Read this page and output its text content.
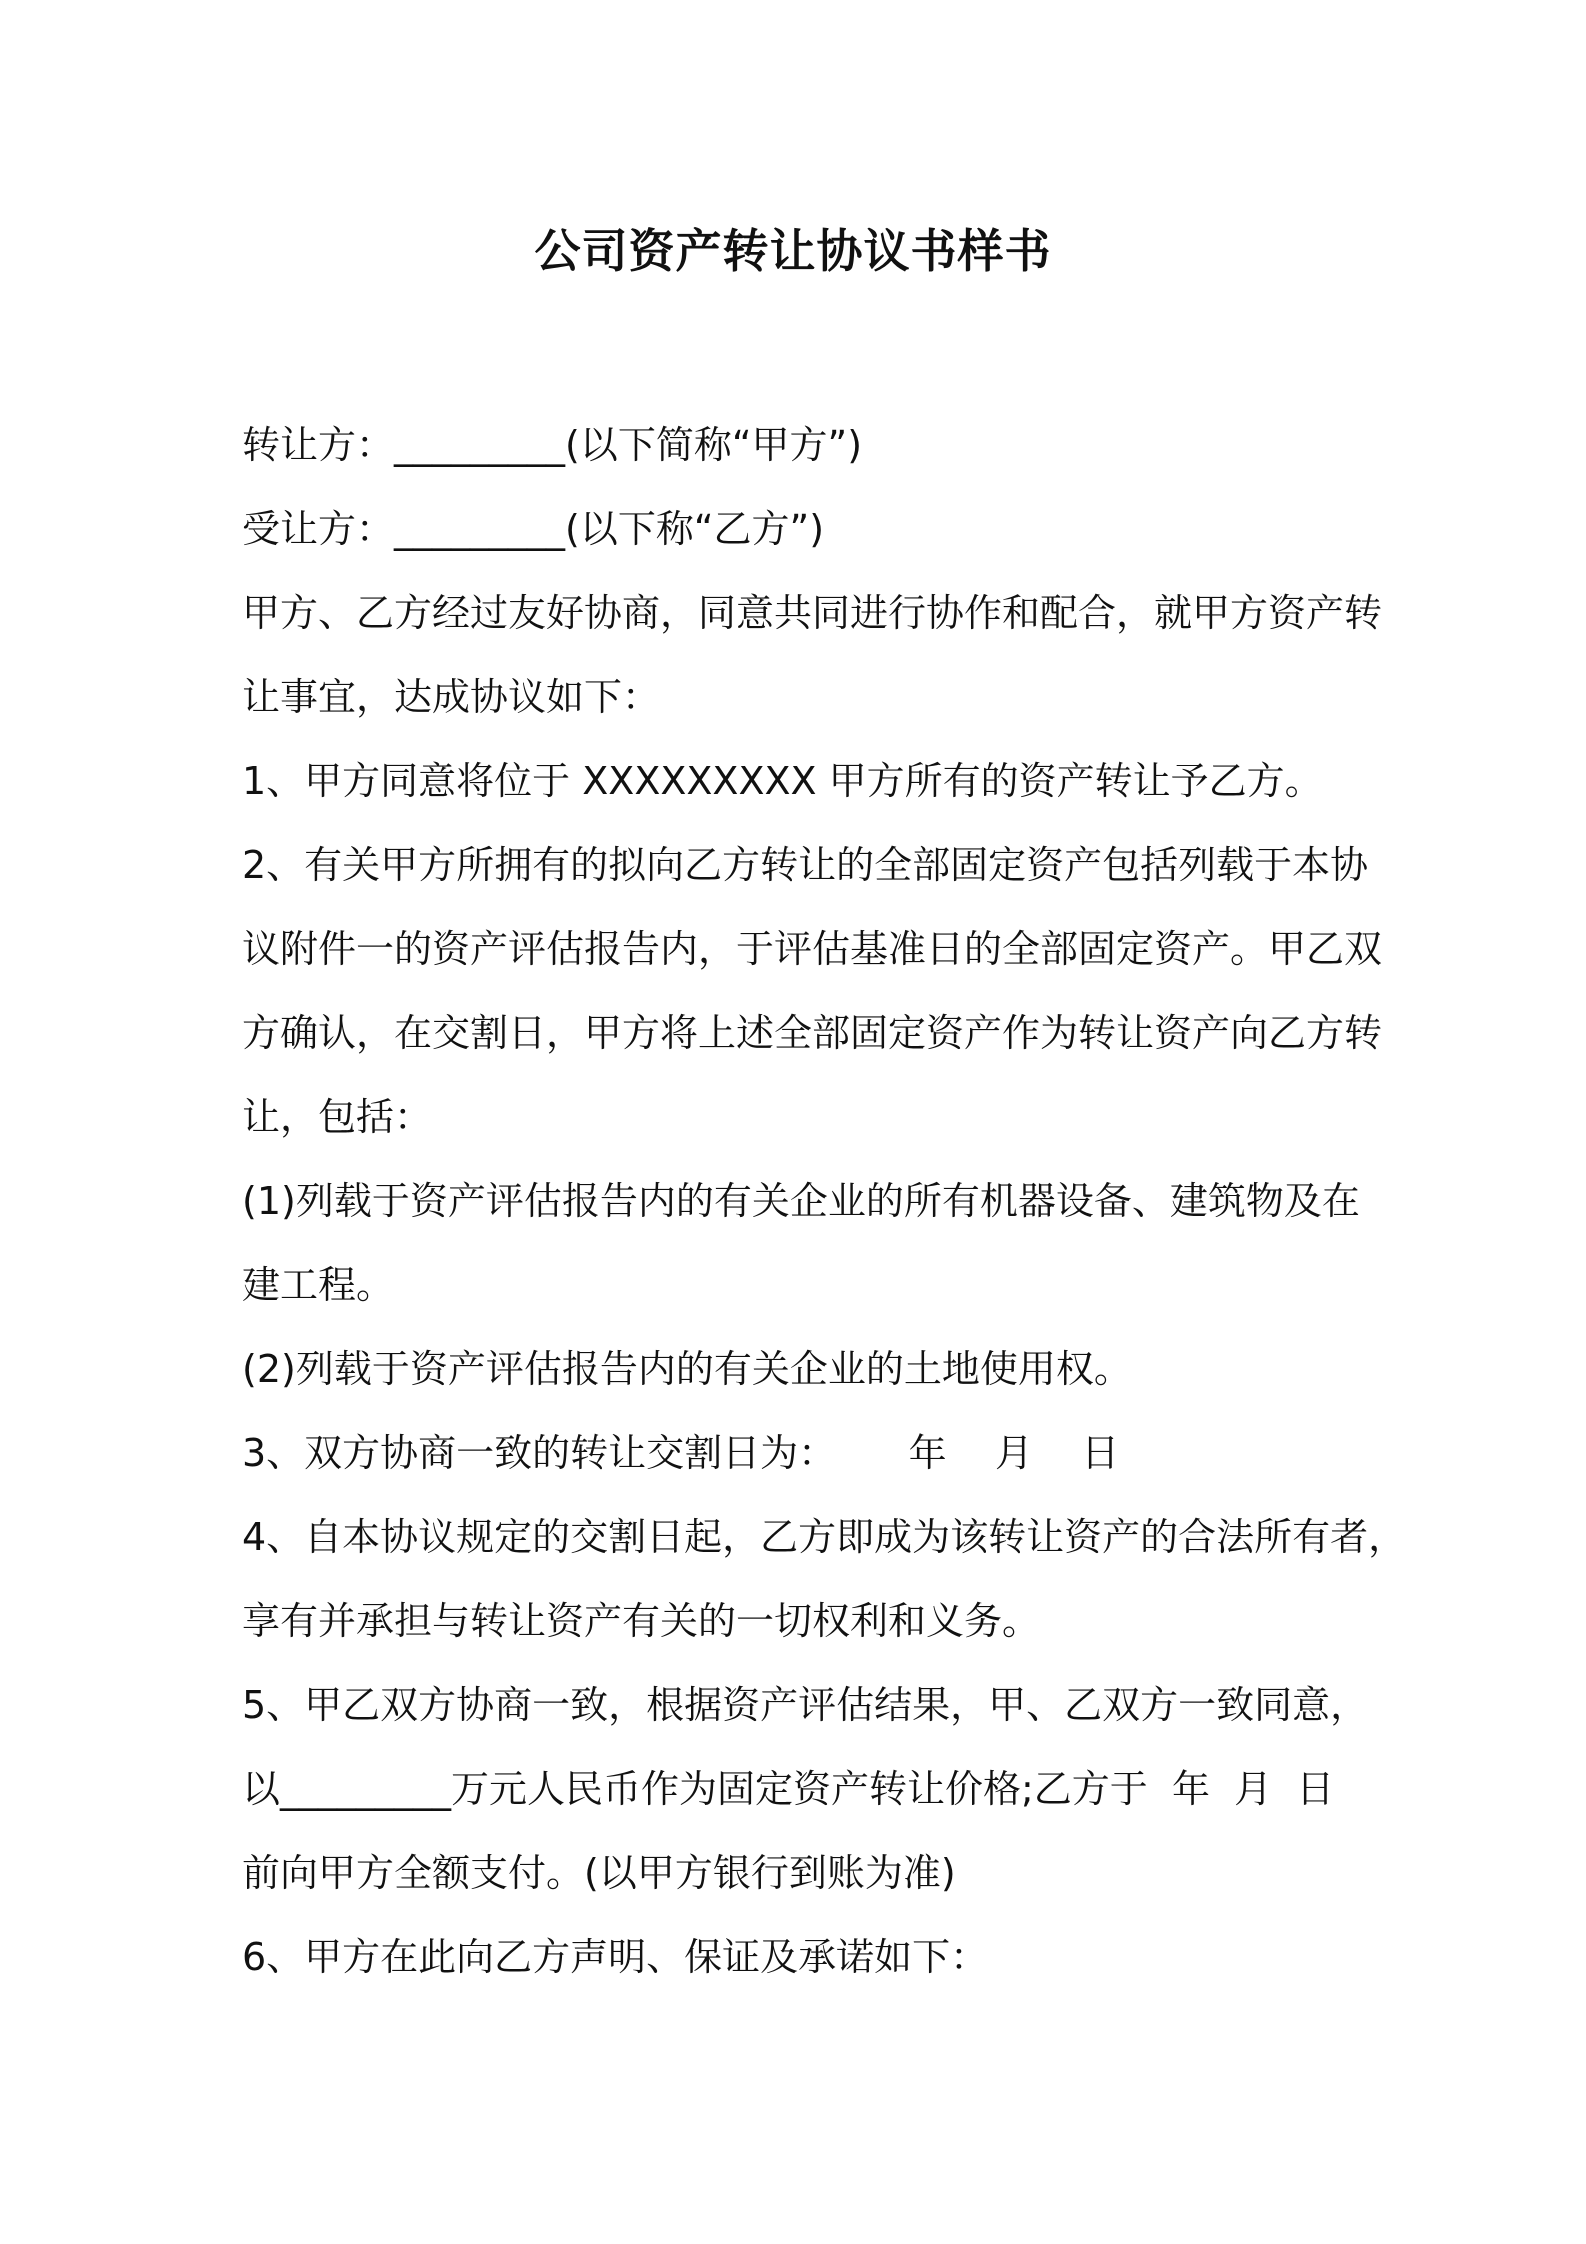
公司资产转让协议书样书
转让方：_________(以下简称“甲方”)
受让方：_________(以下称“乙方”)
甲方、乙方经过友好协商，同意共同进行协作和配合，就甲方资产转
让事宜，达成协议如下：
1、甲方同意将位于 XXXXXXXXX 甲方所有的资产转让予乙方。
2、有关甲方所拥有的拟向乙方转让的全部固定资产包括列载于本协
议附件一的资产评估报告内，于评估基准日的全部固定资产。甲乙双
方确认，在交割日，甲方将上述全部固定资产作为转让资产向乙方转
让，包括：
(1)列载于资产评估报告内的有关企业的所有机器设备、建筑物及在
建工程。
(2)列载于资产评估报告内的有关企业的土地使用权。
3、双方协商一致的转让交割日为：      年    月    日
4、自本协议规定的交割日起，乙方即成为该转让资产的合法所有者，
享有并承担与转让资产有关的一切权利和义务。
5、甲乙双方协商一致，根据资产评估结果，甲、乙双方一致同意，
以_________万元人民币作为固定资产转让价格;乙方于  年  月  日
前向甲方全额支付。(以甲方银行到账为准)
6、甲方在此向乙方声明、保证及承诺如下：
